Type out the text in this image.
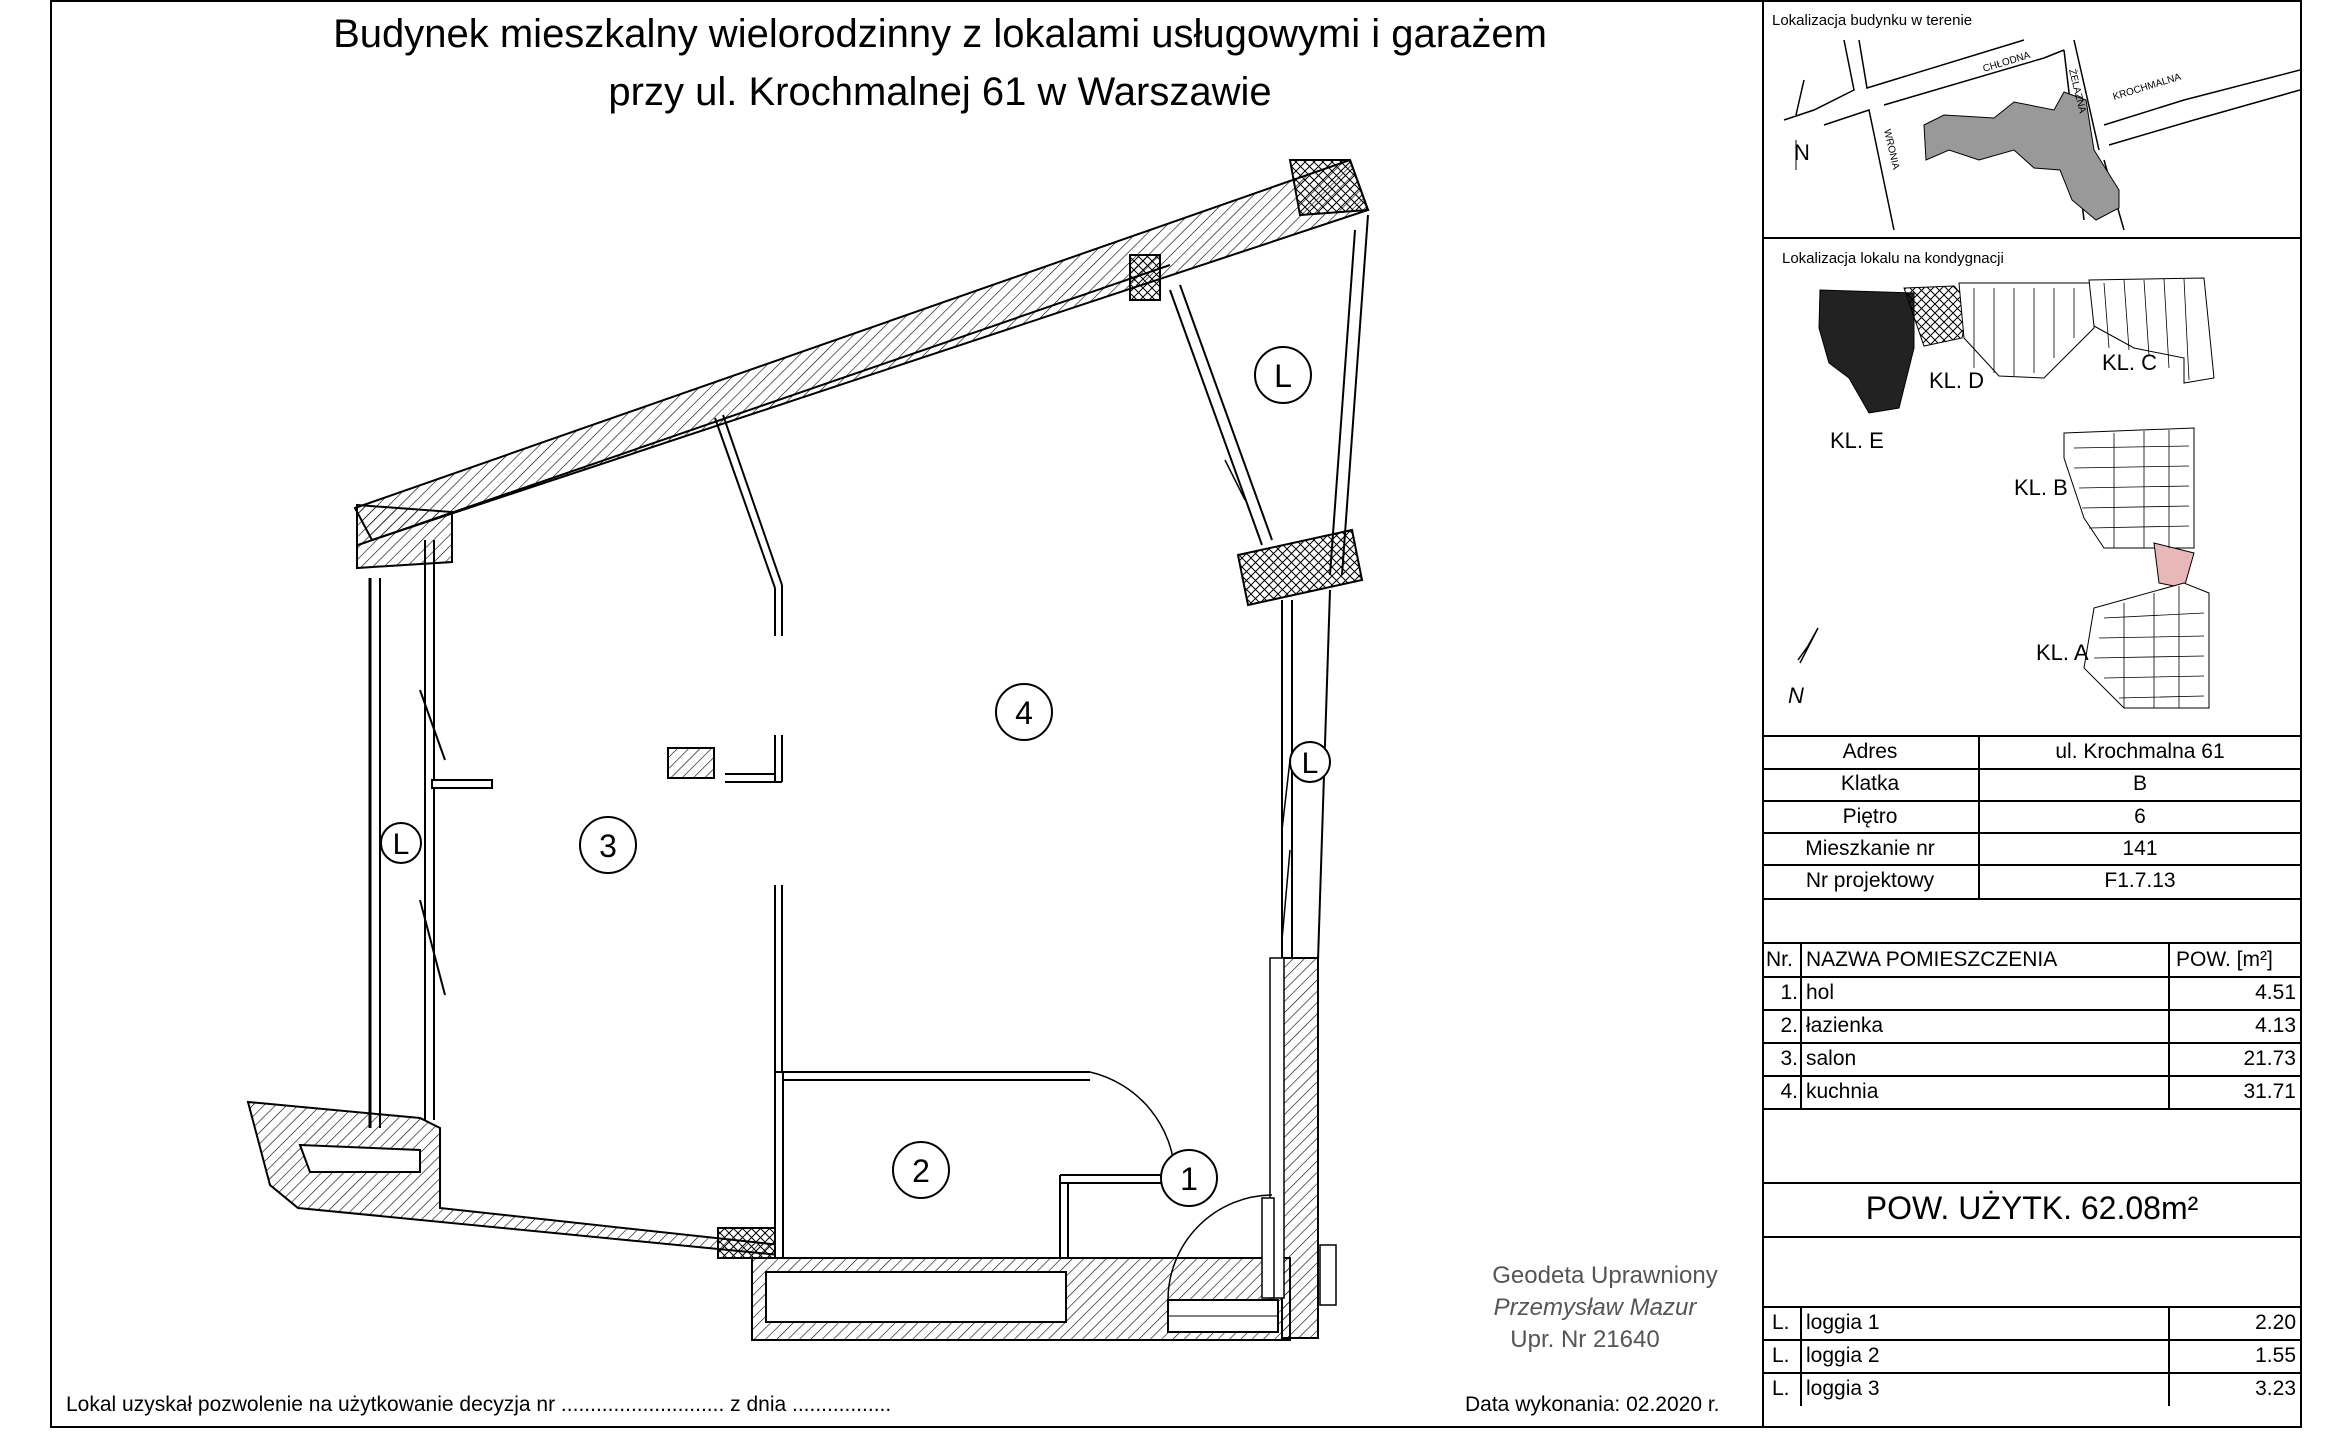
Budynek mieszkalny wielorodzinny z lokalami usługowymi i garażem
przy ul. Krochmalnej 61 w Warszawie
1
2
3
4
L
L
L
Geodeta Uprawniony
Przemysław Mazur
Upr. Nr 21640
Lokal uzyskał pozwolenie na użytkowanie decyzja nr ............................ z dnia .................	Data wykonania: 02.2020 r.
Lokalizacja budynku w terenie
CHŁODNA
WRONIA
ŻELAZNA KROCHMALNA
N
Lokalizacja lokalu na kondygnacji
KL. E
KL. D
KL. C
KL. B
KL. A
N
Adres	ul. Krochmalna 61
Klatka	B
Piętro	6
Mieszkanie nr	141
Nr projektowy	F1.7.13
Nr. NAZWA POMIESZCZENIA	POW. [m²]
1. hol	4.51
2. łazienka	4.13
3. salon	21.73
4. kuchnia	31.71
POW. UŻYTK. 62.08m²
L. loggia 1	2.20
L. loggia 2	1.55
L. loggia 3	3.23
